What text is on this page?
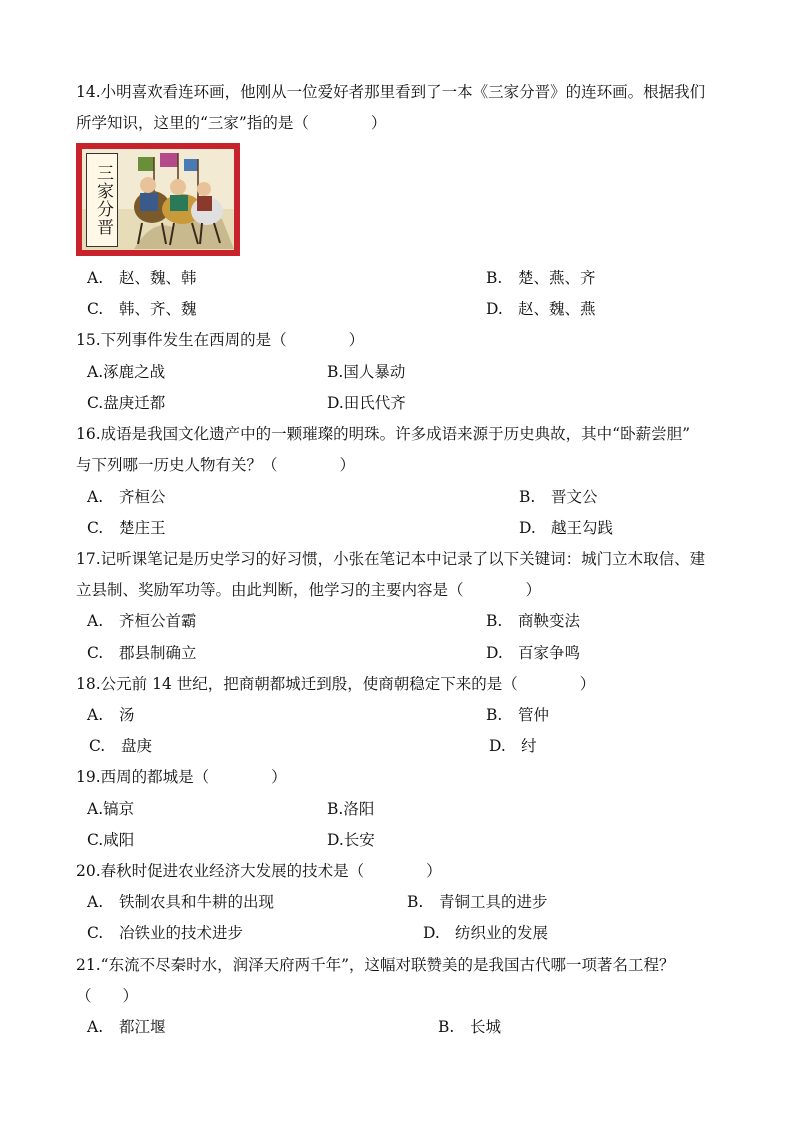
14.小明喜欢看连环画，他刚从一位爱好者那里看到了一本《三家分晋》的连环画。根据我们
所学知识，这里的“三家”指的是（　　　　）
三家分晋
A. 赵、魏、韩	B. 楚、燕、齐
C. 韩、齐、魏	D. 赵、魏、燕
15.下列事件发生在西周的是（　　　　）
A.涿鹿之战	B.国人暴动
C.盘庚迁都	D.田氏代齐
16.成语是我国文化遗产中的一颗璀璨的明珠。许多成语来源于历史典故，其中“卧薪尝胆”
与下列哪一历史人物有关？（　　　　）
A. 齐桓公	B. 晋文公
C. 楚庄王	D. 越王勾践
17.记听课笔记是历史学习的好习惯，小张在笔记本中记录了以下关键词：城门立木取信、建
立县制、奖励军功等。由此判断，他学习的主要内容是（　　　　）
A. 齐桓公首霸	B. 商鞅变法
C. 郡县制确立	D. 百家争鸣
18.公元前 14 世纪，把商朝都城迁到殷，使商朝稳定下来的是（　　　　）
A. 汤	B. 管仲
C. 盘庚	D. 纣
19.西周的都城是（　　　　）
A.镐京	B.洛阳
C.咸阳	D.长安
20.春秋时促进农业经济大发展的技术是（　　　　）
A. 铁制农具和牛耕的出现	B. 青铜工具的进步
C. 冶铁业的技术进步	D. 纺织业的发展
21.“东流不尽秦时水，润泽天府两千年”，这幅对联赞美的是我国古代哪一项著名工程？
（　　）
A. 都江堰	B. 长城
